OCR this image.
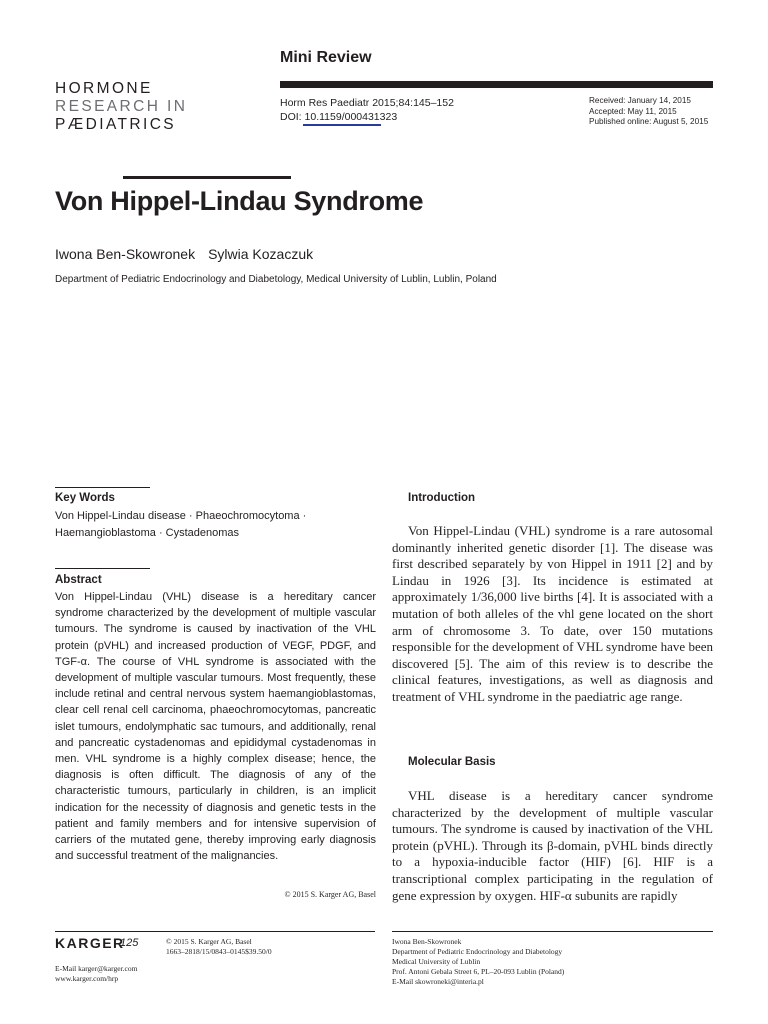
HORMONE
RESEARCH IN
PÆDIATRICS
Mini Review
Horm Res Paediatr 2015;84:145–152
DOI: 10.1159/000431323
Received: January 14, 2015
Accepted: May 11, 2015
Published online: August 5, 2015
Von Hippel-Lindau Syndrome
Iwona Ben-Skowronek Sylwia Kozaczuk
Department of Pediatric Endocrinology and Diabetology, Medical University of Lublin, Lublin, Poland
Key Words
Von Hippel-Lindau disease · Phaeochromocytoma · Haemangioblastoma · Cystadenomas
Abstract
Von Hippel-Lindau (VHL) disease is a hereditary cancer syndrome characterized by the development of multiple vascular tumours. The syndrome is caused by inactivation of the VHL protein (pVHL) and increased production of VEGF, PDGF, and TGF-α. The course of VHL syndrome is associated with the development of multiple vascular tumours. Most frequently, these include retinal and central nervous system haemangioblastomas, clear cell renal cell carcinoma, phaeochromocytomas, pancreatic islet tumours, endolymphatic sac tumours, and additionally, renal and pancreatic cystadenomas and epididymal cystadenomas in men. VHL syndrome is a highly complex disease; hence, the diagnosis is often difficult. The diagnosis of any of the characteristic tumours, particularly in children, is an implicit indication for the necessity of diagnosis and genetic tests in the patient and family members and for intensive supervision of carriers of the mutated gene, thereby improving early diagnosis and successful treatment of the malignancies.
© 2015 S. Karger AG, Basel
Introduction
Von Hippel-Lindau (VHL) syndrome is a rare autosomal dominantly inherited genetic disorder [1]. The disease was first described separately by von Hippel in 1911 [2] and by Lindau in 1926 [3]. Its incidence is estimated at approximately 1/36,000 live births [4]. It is associated with a mutation of both alleles of the vhl gene located on the short arm of chromosome 3. To date, over 150 mutations responsible for the development of VHL syndrome have been discovered [5]. The aim of this review is to describe the clinical features, investigations, as well as diagnosis and treatment of VHL syndrome in the paediatric age range.
Molecular Basis
VHL disease is a hereditary cancer syndrome characterized by the development of multiple vascular tumours. The syndrome is caused by inactivation of the VHL protein (pVHL). Through its β-domain, pVHL binds directly to a hypoxia-inducible factor (HIF) [6]. HIF is a transcriptional complex participating in the regulation of gene expression by oxygen. HIF-α subunits are rapidly
KARGER
125	© 2015 S. Karger AG, Basel
1663–2818/15/0843–0145$39.50/0
E-Mail karger@karger.com
www.karger.com/hrp
Iwona Ben-Skowronek
Department of Pediatric Endocrinology and Diabetology
Medical University of Lublin
Prof. Antoni Gebala Street 6, PL–20-093 Lublin (Poland)
E-Mail skowroneki@interia.pl
